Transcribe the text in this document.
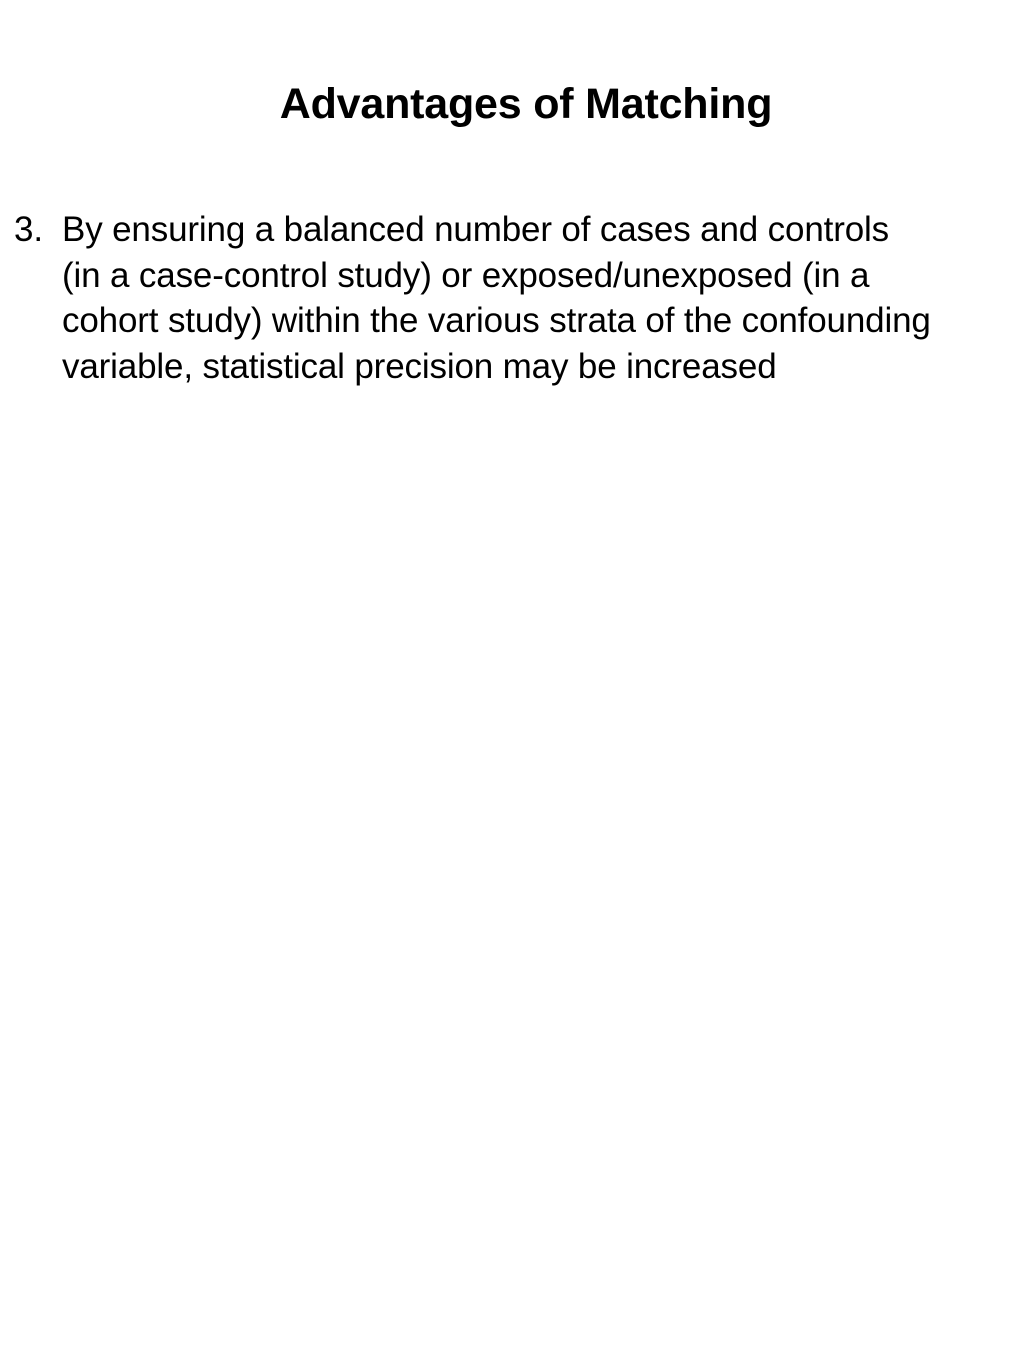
Advantages of Matching
3. By ensuring a balanced number of cases and controls
(in a case-control study) or exposed/unexposed (in a
cohort study) within the various strata of the confounding
variable, statistical precision may be increased
